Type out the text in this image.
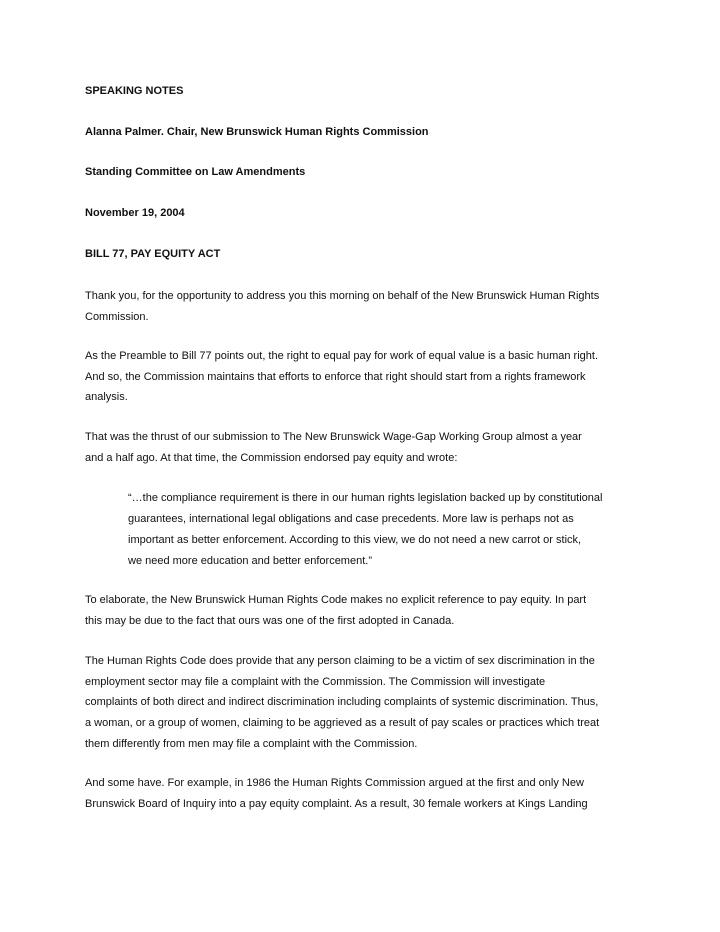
SPEAKING NOTES
Alanna Palmer. Chair, New Brunswick Human Rights Commission
Standing Committee on Law Amendments
November 19, 2004
BILL 77, PAY EQUITY ACT
Thank you, for the opportunity to address you this morning on behalf of the New Brunswick Human Rights
Commission.
As the Preamble to Bill 77 points out, the right to equal pay for work of equal value is a basic human right.
And so, the Commission maintains that efforts to enforce that right should start from a rights framework
analysis.
That was the thrust of our submission to The New Brunswick Wage-Gap Working Group almost a year
and a half ago. At that time, the Commission endorsed pay equity and wrote:
“…the compliance requirement is there in our human rights legislation backed up by constitutional
guarantees, international legal obligations and case precedents. More law is perhaps not as
important as better enforcement. According to this view, we do not need a new carrot or stick,
we need more education and better enforcement.”
To elaborate, the New Brunswick Human Rights Code makes no explicit reference to pay equity. In part
this may be due to the fact that ours was one of the first adopted in Canada.
The Human Rights Code does provide that any person claiming to be a victim of sex discrimination in the
employment sector may file a complaint with the Commission. The Commission will investigate
complaints of both direct and indirect discrimination including complaints of systemic discrimination. Thus,
a woman, or a group of women, claiming to be aggrieved as a result of pay scales or practices which treat
them differently from men may file a complaint with the Commission.
And some have. For example, in 1986 the Human Rights Commission argued at the first and only New
Brunswick Board of Inquiry into a pay equity complaint. As a result, 30 female workers at Kings Landing
